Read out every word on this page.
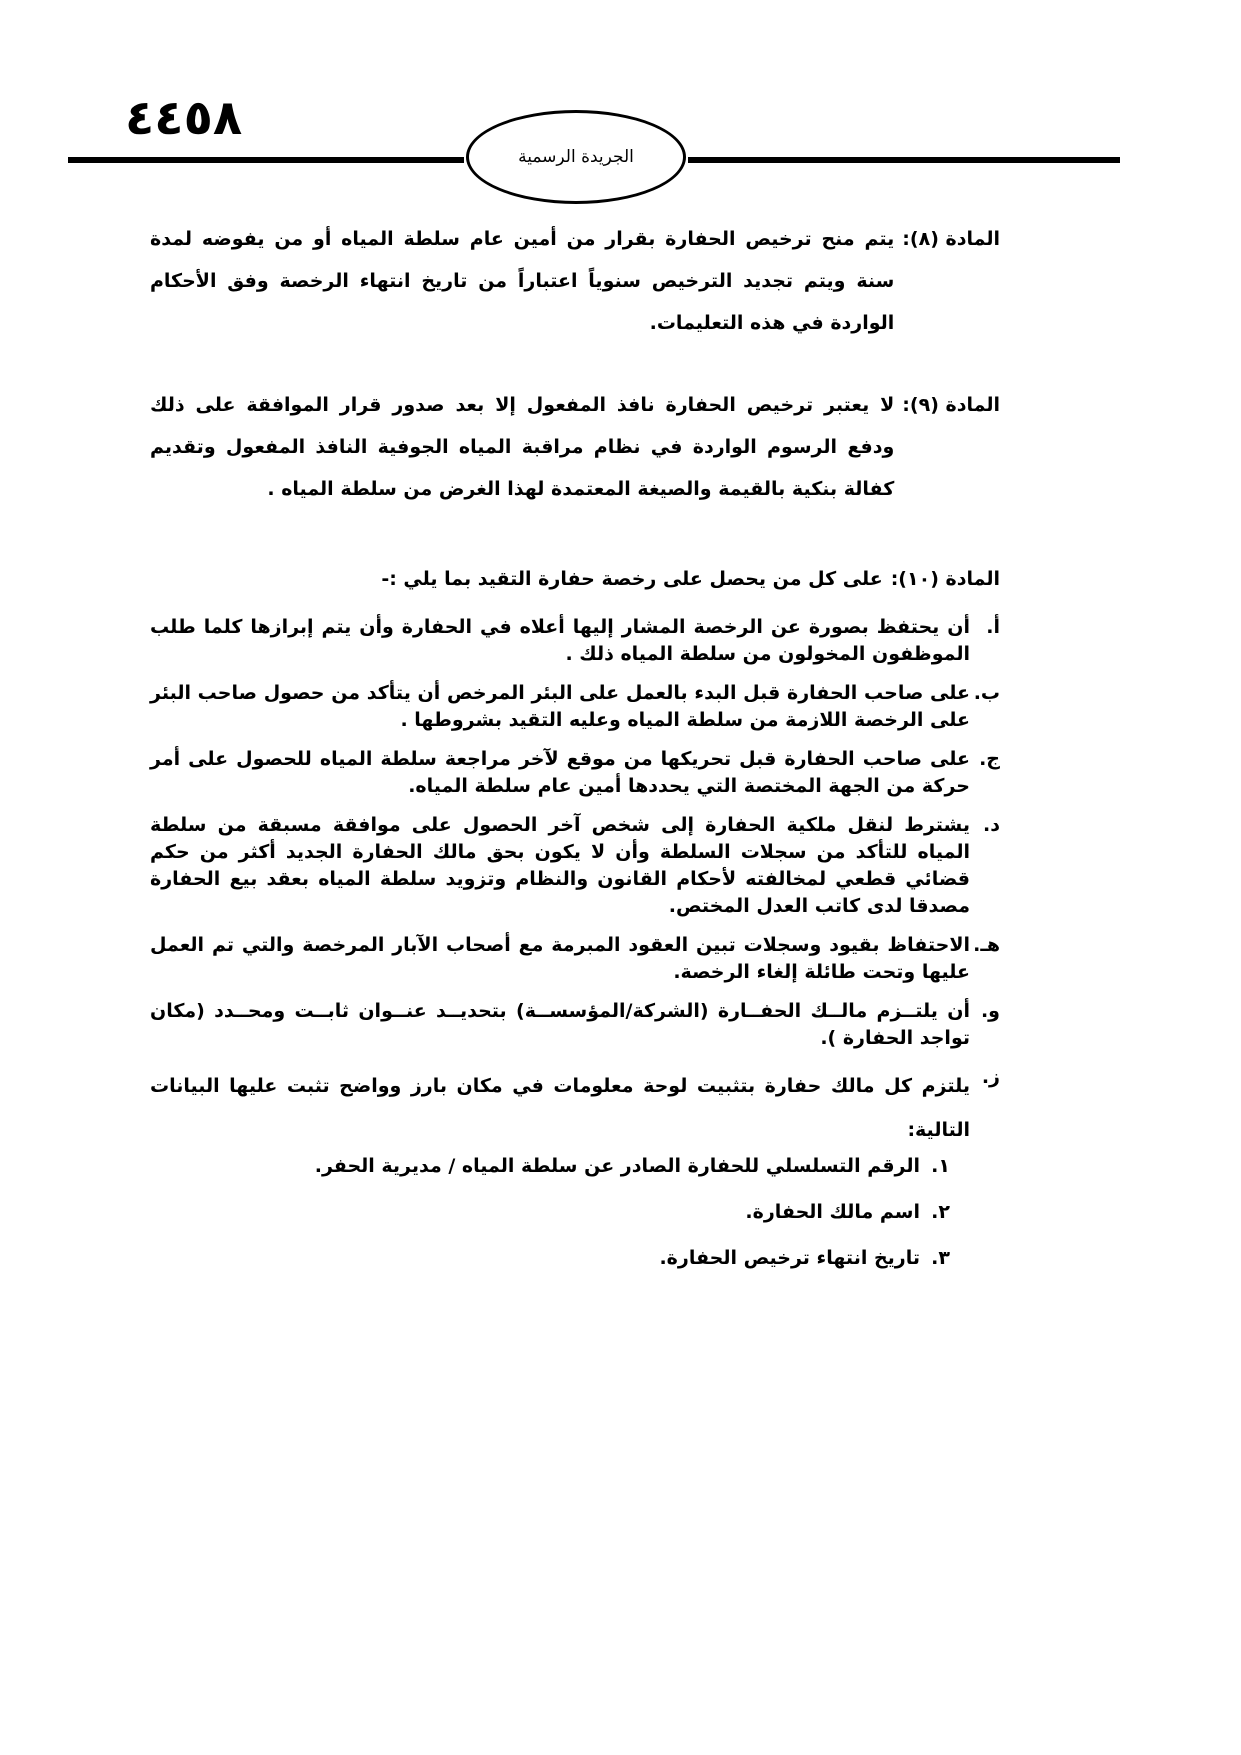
٤٤٥٨
الجريدة الرسمية
المادة (٨):
يتم منح ترخيص الحفارة بقرار من أمين عام سلطة المياه أو من يفوضه لمدة سنة ويتم تجديد الترخيص سنوياً اعتباراً من تاريخ انتهاء الرخصة وفق الأحكام الواردة في هذه التعليمات.
المادة (٩):
لا يعتبر ترخيص الحفارة نافذ المفعول إلا بعد صدور قرار الموافقة على ذلك ودفع الرسوم الواردة في نظام مراقبة المياه الجوفية النافذ المفعول وتقديم كفالة بنكية بالقيمة والصيغة المعتمدة لهذا الغرض من سلطة المياه .
المادة (١٠):
على كل من يحصل على رخصة حفارة التقيد بما يلي :-
أ.
أن يحتفظ بصورة عن الرخصة المشار إليها أعلاه في الحفارة وأن يتم إبرازها كلما طلب الموظفون المخولون من سلطة المياه ذلك .
ب.
على صاحب الحفارة قبل البدء بالعمل على البئر المرخص أن يتأكد من حصول صاحب البئر على الرخصة اللازمة من سلطة المياه وعليه التقيد بشروطها .
ج.
على صاحب الحفارة قبل تحريكها من موقع لآخر مراجعة سلطة المياه للحصول على أمر حركة من الجهة المختصة التي يحددها أمين عام سلطة المياه.
د.
يشترط لنقل ملكية الحفارة إلى شخص آخر الحصول على موافقة مسبقة من سلطة المياه للتأكد من سجلات السلطة وأن لا يكون بحق مالك الحفارة الجديد أكثر من حكم قضائي قطعي لمخالفته لأحكام القانون والنظام وتزويد سلطة المياه بعقد بيع الحفارة مصدقا لدى كاتب العدل المختص.
هـ.
الاحتفاظ بقيود وسجلات تبين العقود المبرمة مع أصحاب الآبار المرخصة والتي تم العمل عليها وتحت طائلة إلغاء الرخصة.
و.
أن يلتــزم مالــك الحفــارة (الشركة/المؤسســة) بتحديــد عنــوان ثابــت ومحــدد (مكان تواجد الحفارة ).
ز.
يلتزم كل مالك حفارة بتثبيت لوحة معلومات في مكان بارز وواضح تثبت عليها البيانات التالية:
١.
الرقم التسلسلي للحفارة الصادر عن سلطة المياه / مديرية الحفر.
٢.
اسم مالك الحفارة.
٣.
تاريخ انتهاء ترخيص الحفارة.
